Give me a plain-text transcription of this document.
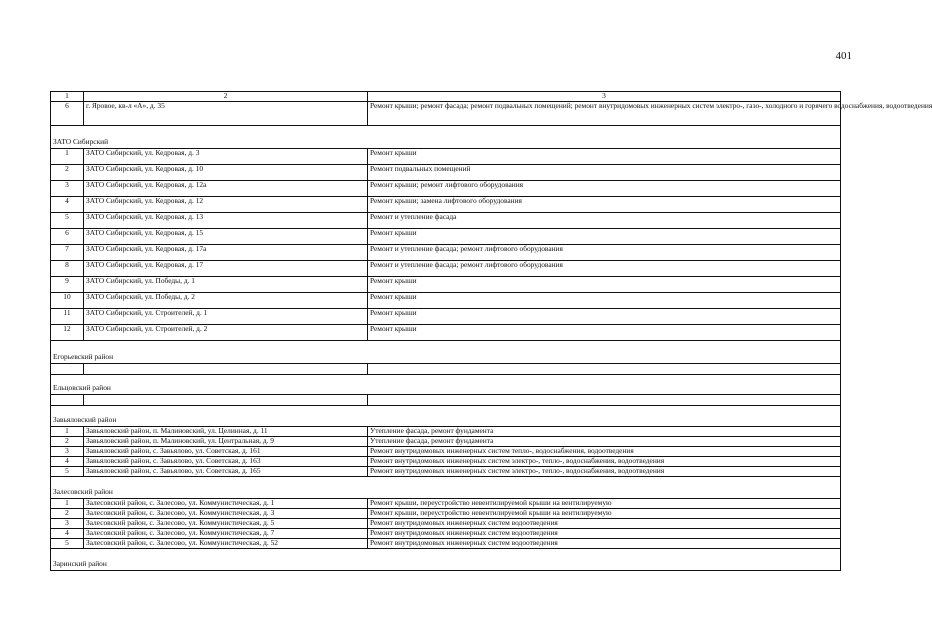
401
1	2	3
6	г. Яровое, кв-л «А», д. 35	Ремонт крыши; ремонт фасада; ремонт подвальных помещений; ремонт внутридомовых инженерных систем электро-, газо-, холодного и горячего водоснабжения, водоотведения

ЗАТО Сибирский		
1	ЗАТО Сибирский, ул. Кедровая, д. 3	Ремонт крыши
2	ЗАТО Сибирский, ул. Кедровая, д. 10	Ремонт подвальных помещений
3	ЗАТО Сибирский, ул. Кедровая, д. 12а	Ремонт крыши; ремонт лифтового оборудования
4	ЗАТО Сибирский, ул. Кедровая, д. 12	Ремонт крыши; замена лифтового оборудования
5	ЗАТО Сибирский, ул. Кедровая, д. 13	Ремонт и утепление фасада
6	ЗАТО Сибирский, ул. Кедровая, д. 15	Ремонт крыши
7	ЗАТО Сибирский, ул. Кедровая, д. 17а	Ремонт и утепление фасада; ремонт лифтового оборудования
8	ЗАТО Сибирский, ул. Кедровая, д. 17	Ремонт и утепление фасада; ремонт лифтового оборудования
9	ЗАТО Сибирский, ул. Победы, д. 1	Ремонт крыши
10	ЗАТО Сибирский, ул. Победы, д. 2	Ремонт крыши
11	ЗАТО Сибирский, ул. Строителей, д. 1	Ремонт крыши
12	ЗАТО Сибирский, ул. Строителей, д. 2	Ремонт крыши

Егорьевский район		

Ельцовский район		

Завьяловский район		
1	Завьяловский район, п. Малиновский, ул. Целинная, д. 11	Утепление фасада, ремонт фундамента
2	Завьяловский район, п. Малиновский, ул. Центральная, д. 9	Утепление фасада, ремонт фундамента
3	Завьяловский район, с. Завьялово, ул. Советская, д. 161	Ремонт внутридомовых инженерных систем тепло-, водоснабжения, водоотведения
4	Завьяловский район, с. Завьялово, ул. Советская, д. 163	Ремонт внутридомовых инженерных систем электро-, тепло-, водоснабжения, водоотведения
5	Завьяловский район, с. Завьялово, ул. Советская, д. 165	Ремонт внутридомовых инженерных систем электро-, тепло-, водоснабжения, водоотведения

Залесовский район		
1	Залесовский район, с. Залесово, ул. Коммунистическая, д. 1	Ремонт крыши, переустройство невентилируемой крыши на вентилируемую
2	Залесовский район, с. Залесово, ул. Коммунистическая, д. 3	Ремонт крыши, переустройство невентилируемой крыши на вентилируемую
3	Залесовский район, с. Залесово, ул. Коммунистическая, д. 5	Ремонт внутридомовых инженерных систем водоотведения
4	Залесовский район, с. Залесово, ул. Коммунистическая, д. 7	Ремонт внутридомовых инженерных систем водоотведения
5	Залесовский район, с. Залесово, ул. Коммунистическая, д. 52	Ремонт внутридомовых инженерных систем водоотведения

Заринский район		
